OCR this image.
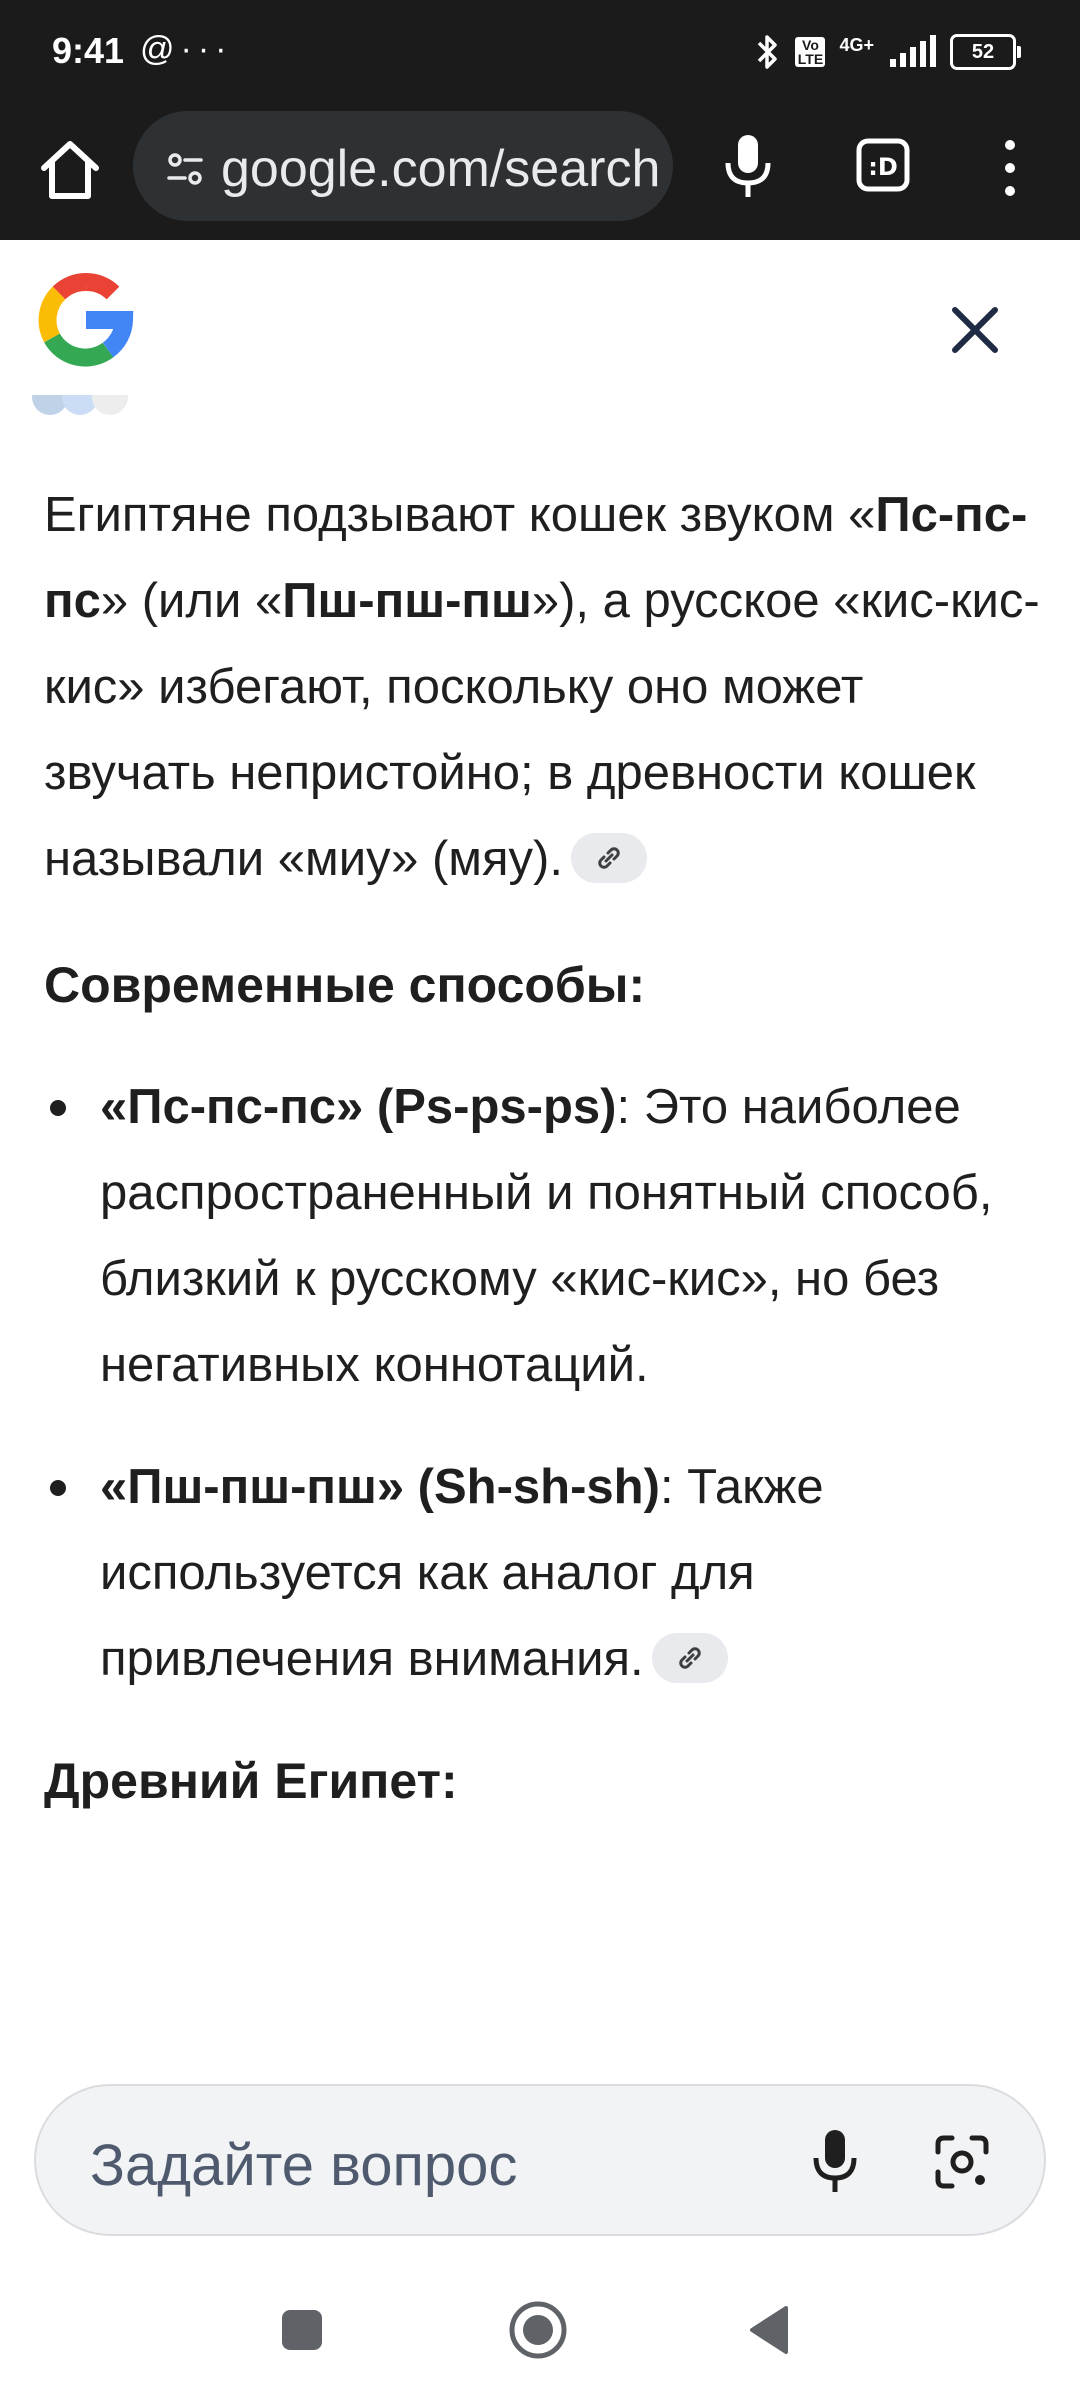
9:41 @···	Vo LTE
4G+	52
google.com/search	:D

Египтяне подзывают кошек звуком «Пс-пс-пс» (или «Пш-пш-пш»), а русское «кис-кис-кис» избегают, поскольку оно может звучать непристойно; в древности кошек называли «миу» (мяу).

Современные способы:

«Пс-пс-пс» (Ps-ps-ps): Это наиболее распространенный и понятный способ, близкий к русскому «кис-кис», но без негативных коннотаций.
«Пш-пш-пш» (Sh-sh-sh): Также используется как аналог для привлечения внимания.

Древний Египет:

Задайте вопрос
